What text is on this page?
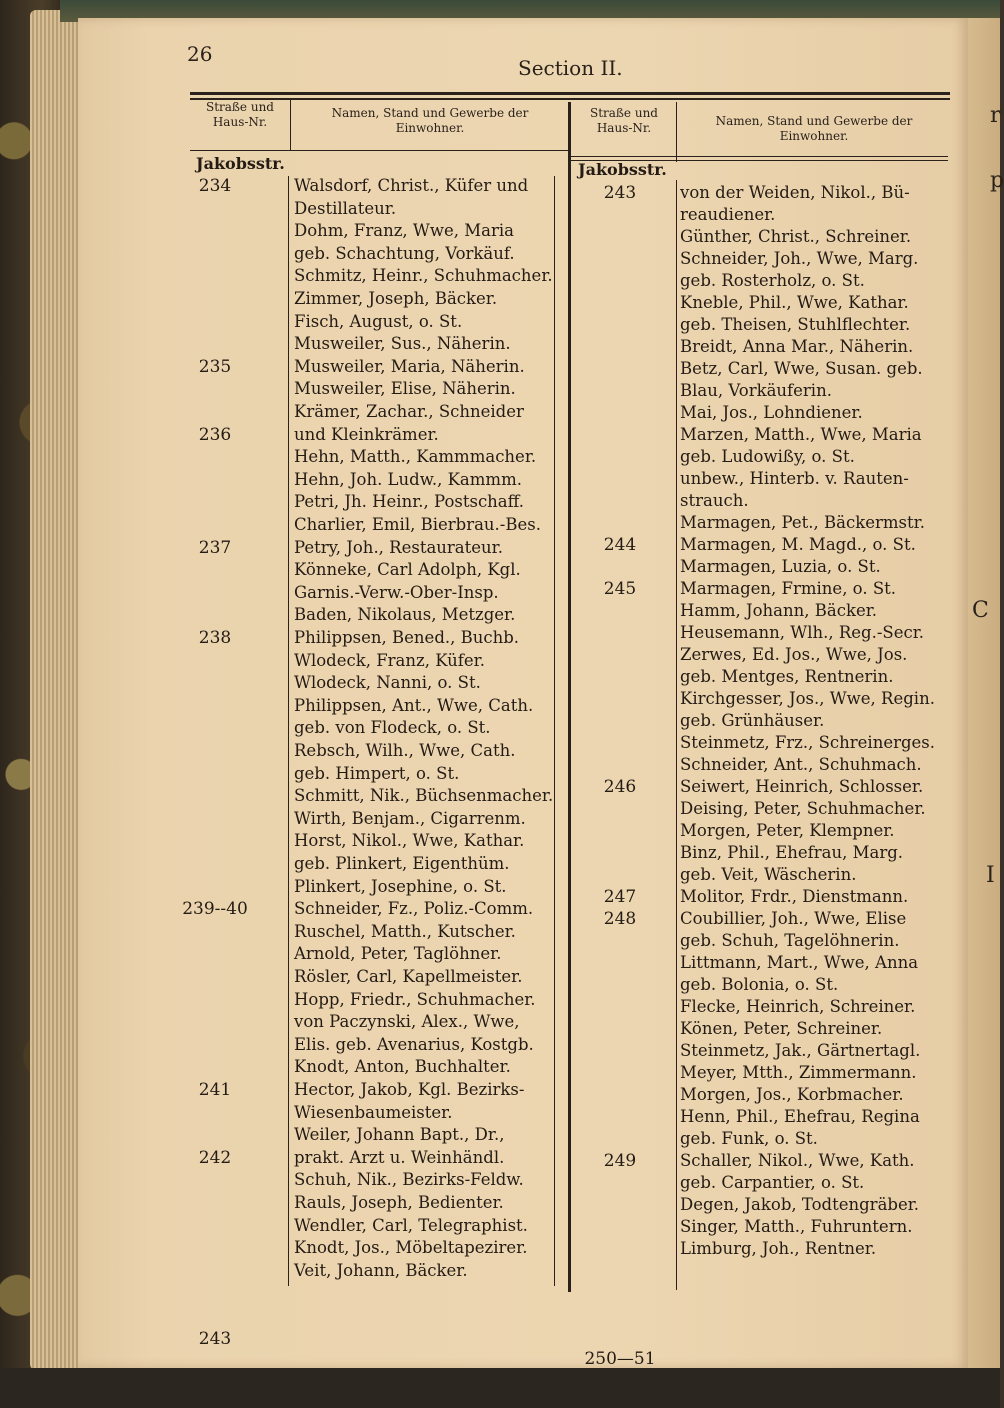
r
p
C
I
26
Section II.
Straße und Haus-Nr.
Namen, Stand und Gewerbe der Einwohner.
Straße und Haus-Nr.	Namen, Stand und Gewerbe der Einwohner.
Jakobsstr.	Jakobsstr.
234
235
236
237
238
239--40
241
242
243
Walsdorf, Christ., Küfer und
Destillateur.
Dohm, Franz, Wwe, Maria
geb. Schachtung, Vorkäuf.
Schmitz, Heinr., Schuhmacher.
Zimmer, Joseph, Bäcker.
Fisch, August, o. St.
Musweiler, Sus., Näherin.
Musweiler, Maria, Näherin.
Musweiler, Elise, Näherin.
Krämer, Zachar., Schneider
und Kleinkrämer.
Hehn, Matth., Kammmacher.
Hehn, Joh. Ludw., Kammm.
Petri, Jh. Heinr., Postschaff.
Charlier, Emil, Bierbrau.-Bes.
Petry, Joh., Restaurateur.
Könneke, Carl Adolph, Kgl.
Garnis.-Verw.-Ober-Insp.
Baden, Nikolaus, Metzger.
Philippsen, Bened., Buchb.
Wlodeck, Franz, Küfer.
Wlodeck, Nanni, o. St.
Philippsen, Ant., Wwe, Cath.
geb. von Flodeck, o. St.
Rebsch, Wilh., Wwe, Cath.
geb. Himpert, o. St.
Schmitt, Nik., Büchsenmacher.
Wirth, Benjam., Cigarrenm.
Horst, Nikol., Wwe, Kathar.
geb. Plinkert, Eigenthüm.
Plinkert, Josephine, o. St.
Schneider, Fz., Poliz.-Comm.
Ruschel, Matth., Kutscher.
Arnold, Peter, Taglöhner.
Rösler, Carl, Kapellmeister.
Hopp, Friedr., Schuhmacher.
von Paczynski, Alex., Wwe,
Elis. geb. Avenarius, Kostgb.
Knodt, Anton, Buchhalter.
Hector, Jakob, Kgl. Bezirks-
Wiesenbaumeister.
Weiler, Johann Bapt., Dr.,
prakt. Arzt u. Weinhändl.
Schuh, Nik., Bezirks-Feldw.
Rauls, Joseph, Bedienter.
Wendler, Carl, Telegraphist.
Knodt, Jos., Möbeltapezirer.
Veit, Johann, Bäcker.
243
244
245
246
247
248
249
250—51
von der Weiden, Nikol., Bü-
reaudiener.
Günther, Christ., Schreiner.
Schneider, Joh., Wwe, Marg.
geb. Rosterholz, o. St.
Kneble, Phil., Wwe, Kathar.
geb. Theisen, Stuhlflechter.
Breidt, Anna Mar., Näherin.
Betz, Carl, Wwe, Susan. geb.
Blau, Vorkäuferin.
Mai, Jos., Lohndiener.
Marzen, Matth., Wwe, Maria
geb. Ludowißy, o. St.
unbew., Hinterb. v. Rauten-
strauch.
Marmagen, Pet., Bäckermstr.
Marmagen, M. Magd., o. St.
Marmagen, Luzia, o. St.
Marmagen, Frmine, o. St.
Hamm, Johann, Bäcker.
Heusemann, Wlh., Reg.-Secr.
Zerwes, Ed. Jos., Wwe, Jos.
geb. Mentges, Rentnerin.
Kirchgesser, Jos., Wwe, Regin.
geb. Grünhäuser.
Steinmetz, Frz., Schreinerges.
Schneider, Ant., Schuhmach.
Seiwert, Heinrich, Schlosser.
Deising, Peter, Schuhmacher.
Morgen, Peter, Klempner.
Binz, Phil., Ehefrau, Marg.
geb. Veit, Wäscherin.
Molitor, Frdr., Dienstmann.
Coubillier, Joh., Wwe, Elise
geb. Schuh, Tagelöhnerin.
Littmann, Mart., Wwe, Anna
geb. Bolonia, o. St.
Flecke, Heinrich, Schreiner.
Könen, Peter, Schreiner.
Steinmetz, Jak., Gärtnertagl.
Meyer, Mtth., Zimmermann.
Morgen, Jos., Korbmacher.
Henn, Phil., Ehefrau, Regina
geb. Funk, o. St.
Schaller, Nikol., Wwe, Kath.
geb. Carpantier, o. St.
Degen, Jakob, Todtengräber.
Singer, Matth., Fuhruntern.
Limburg, Joh., Rentner.
